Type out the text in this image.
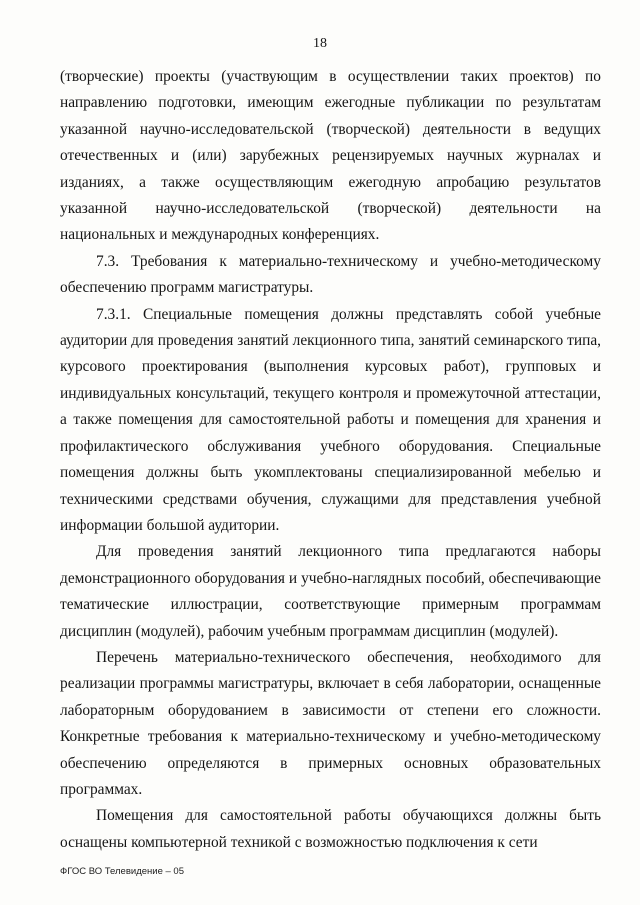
18

(творческие) проекты (участвующим в осуществлении таких проектов) по направлению подготовки, имеющим ежегодные публикации по результатам указанной научно-исследовательской (творческой) деятельности в ведущих отечественных и (или) зарубежных рецензируемых научных журналах и изданиях, а также осуществляющим ежегодную апробацию результатов указанной научно-исследовательской (творческой) деятельности на национальных и международных конференциях.

7.3. Требования к материально-техническому и учебно-методическому обеспечению программ магистратуры.

7.3.1. Специальные помещения должны представлять собой учебные аудитории для проведения занятий лекционного типа, занятий семинарского типа, курсового проектирования (выполнения курсовых работ), групповых и индивидуальных консультаций, текущего контроля и промежуточной аттестации, а также помещения для самостоятельной работы и помещения для хранения и профилактического обслуживания учебного оборудования. Специальные помещения должны быть укомплектованы специализированной мебелью и техническими средствами обучения, служащими для представления учебной информации большой аудитории.

Для проведения занятий лекционного типа предлагаются наборы демонстрационного оборудования и учебно-наглядных пособий, обеспечивающие тематические иллюстрации, соответствующие примерным программам дисциплин (модулей), рабочим учебным программам дисциплин (модулей).

Перечень материально-технического обеспечения, необходимого для реализации программы магистратуры, включает в себя лаборатории, оснащенные лабораторным оборудованием в зависимости от степени его сложности. Конкретные требования к материально-техническому и учебно-методическому обеспечению определяются в примерных основных образовательных программах.

Помещения для самостоятельной работы обучающихся должны быть оснащены компьютерной техникой с возможностью подключения к сети

ФГОС ВО Телевидение – 05
